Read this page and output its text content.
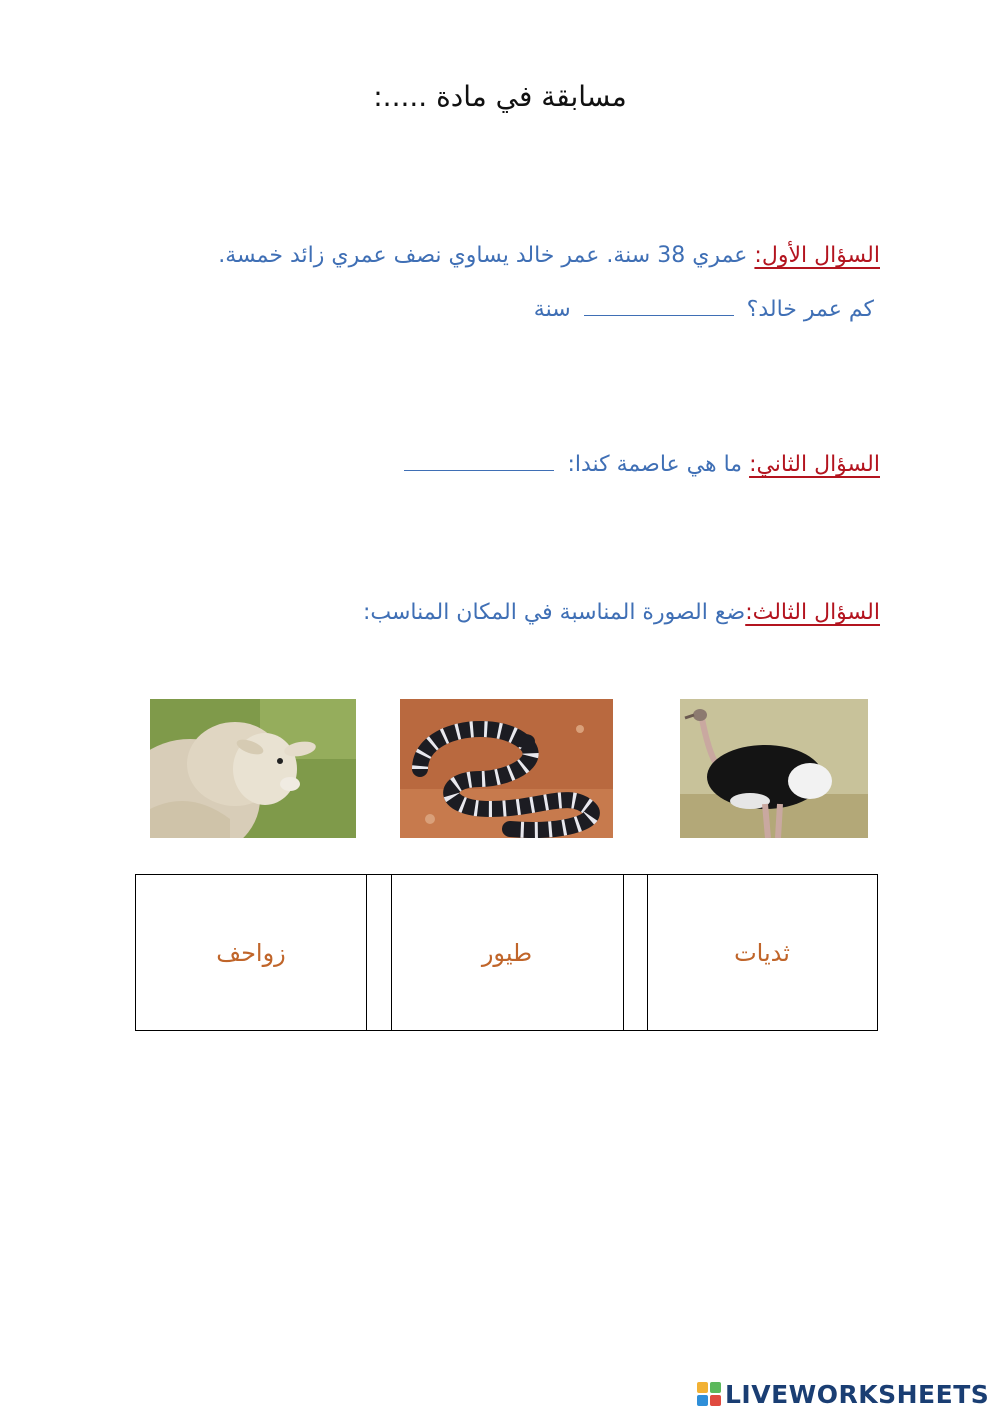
مسابقة في مادة .....:
السؤال الأول: عمري 38 سنة. عمر خالد يساوي نصف عمري زائد خمسة.
كم عمر خالد؟  سنة
السؤال الثاني: ما هي عاصمة كندا:
السؤال الثالث:ضع الصورة المناسبة في المكان المناسب:
زواحف	طيور	ثديات
LIVEWORKSHEETS
